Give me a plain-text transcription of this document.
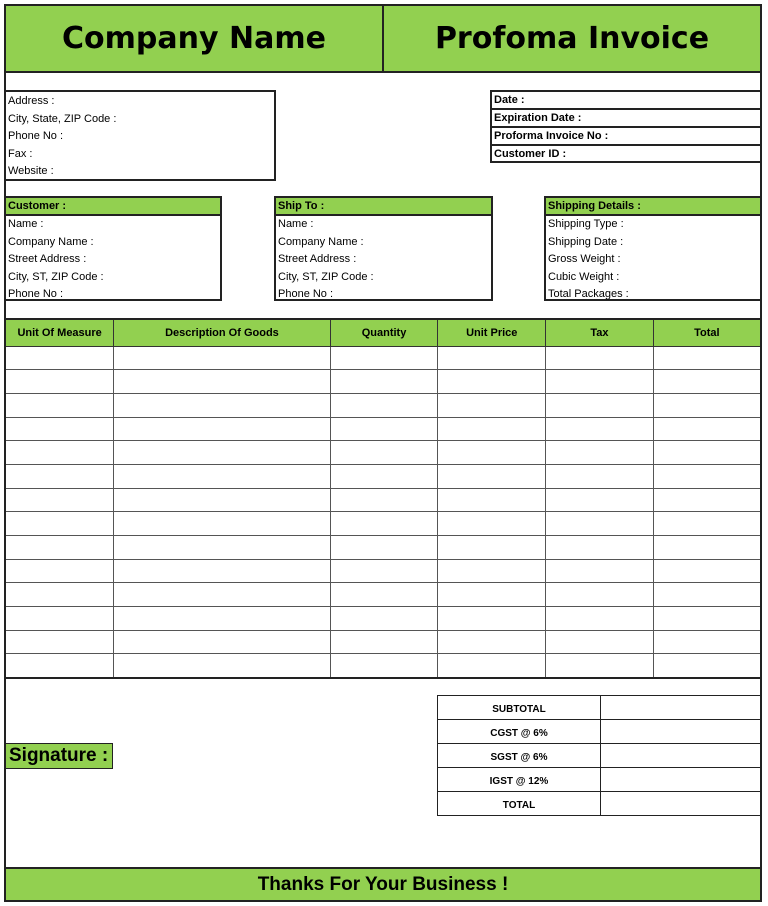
Company Name	Profoma Invoice
Address :
City, State, ZIP Code :
Phone No :
Fax :
Website :
Date :
Expiration Date :
Proforma Invoice No :
Customer ID :
Customer :
Name :
Company Name :
Street Address :
City, ST, ZIP Code :
Phone No :
Ship To :
Name :
Company Name :
Street Address :
City, ST, ZIP Code :
Phone No :
Shipping Details :
Shipping Type :
Shipping Date :
Gross Weight :
Cubic Weight :
Total Packages :
Unit Of Measure	Description Of Goods	Quantity	Unit Price	Tax	Total

Signature :
SUBTOTAL	
CGST @ 6%	
SGST @ 6%	
IGST @ 12%	
TOTAL	
Thanks For Your Business !
